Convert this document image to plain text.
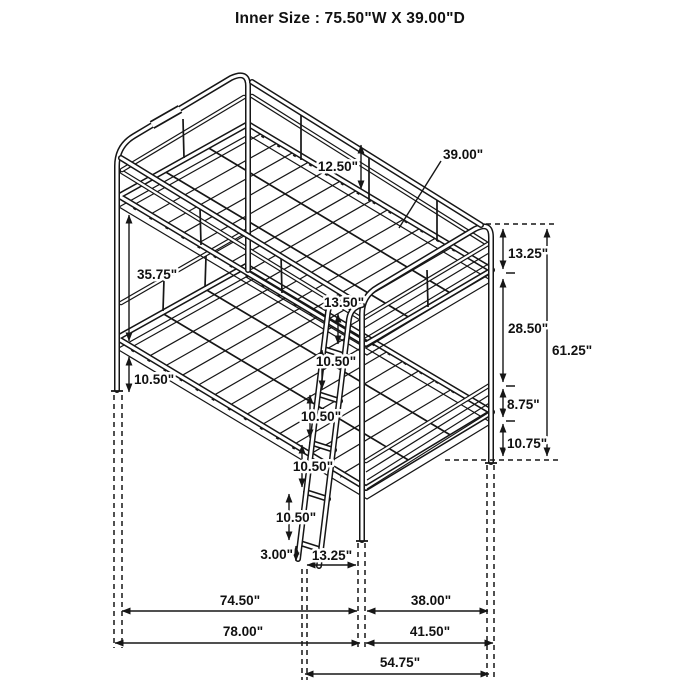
Inner Size : 75.50"W X 39.00"D
12.50"
39.00"
13.25"
28.50"
61.25"
8.75"
10.75"
35.75"
10.50"
13.50"
10.50"
10.50"
10.50"
10.50"
3.00" 13.25"
74.50"	38.00"
78.00"	41.50"
54.75"
